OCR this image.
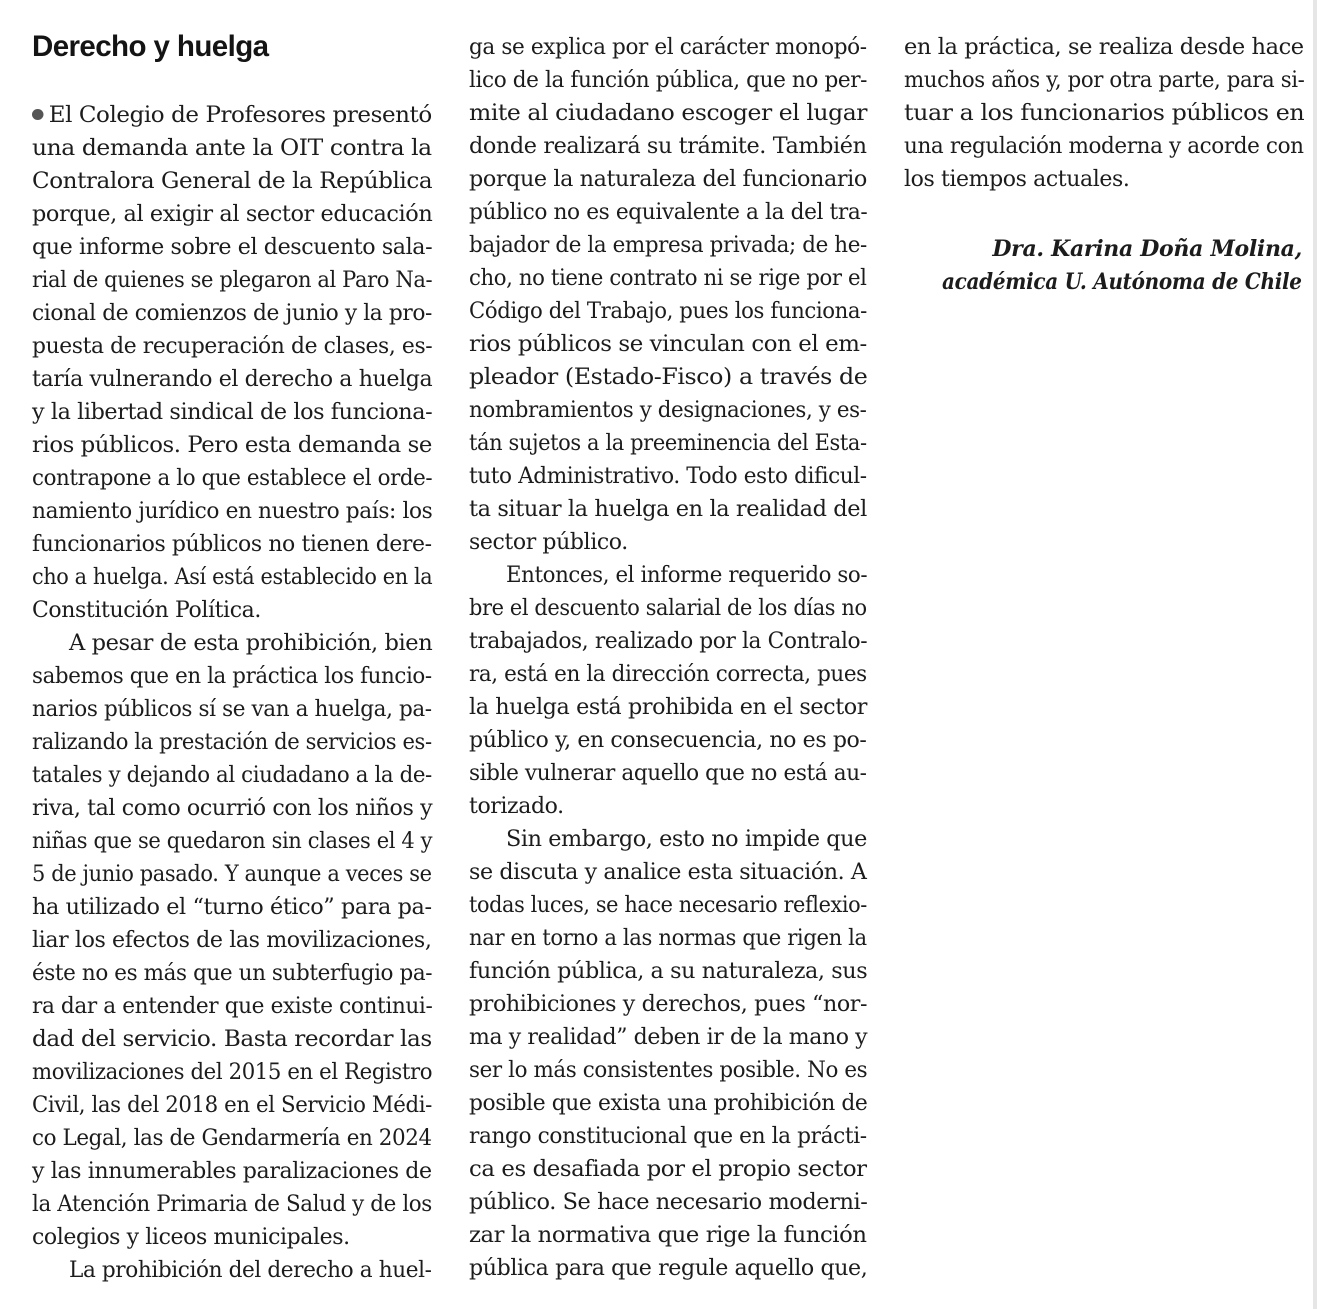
Derecho y huelga
El Colegio de Profesores presentó
una demanda ante la OIT contra la
Contralora General de la República
porque, al exigir al sector educación
que informe sobre el descuento sala-
rial de quienes se plegaron al Paro Na-
cional de comienzos de junio y la pro-
puesta de recuperación de clases, es-
taría vulnerando el derecho a huelga
y la libertad sindical de los funciona-
rios públicos. Pero esta demanda se
contrapone a lo que establece el orde-
namiento jurídico en nuestro país: los
funcionarios públicos no tienen dere-
cho a huelga. Así está establecido en la
Constitución Política.
A pesar de esta prohibición, bien
sabemos que en la práctica los funcio-
narios públicos sí se van a huelga, pa-
ralizando la prestación de servicios es-
tatales y dejando al ciudadano a la de-
riva, tal como ocurrió con los niños y
niñas que se quedaron sin clases el 4 y
5 de junio pasado. Y aunque a veces se
ha utilizado el “turno ético” para pa-
liar los efectos de las movilizaciones,
éste no es más que un subterfugio pa-
ra dar a entender que existe continui-
dad del servicio. Basta recordar las
movilizaciones del 2015 en el Registro
Civil, las del 2018 en el Servicio Médi-
co Legal, las de Gendarmería en 2024
y las innumerables paralizaciones de
la Atención Primaria de Salud y de los
colegios y liceos municipales.
La prohibición del derecho a huel-
ga se explica por el carácter monopó-
lico de la función pública, que no per-
mite al ciudadano escoger el lugar
donde realizará su trámite. También
porque la naturaleza del funcionario
público no es equivalente a la del tra-
bajador de la empresa privada; de he-
cho, no tiene contrato ni se rige por el
Código del Trabajo, pues los funciona-
rios públicos se vinculan con el em-
pleador (Estado-Fisco) a través de
nombramientos y designaciones, y es-
tán sujetos a la preeminencia del Esta-
tuto Administrativo. Todo esto dificul-
ta situar la huelga en la realidad del
sector público.
Entonces, el informe requerido so-
bre el descuento salarial de los días no
trabajados, realizado por la Contralo-
ra, está en la dirección correcta, pues
la huelga está prohibida en el sector
público y, en consecuencia, no es po-
sible vulnerar aquello que no está au-
torizado.
Sin embargo, esto no impide que
se discuta y analice esta situación. A
todas luces, se hace necesario reflexio-
nar en torno a las normas que rigen la
función pública, a su naturaleza, sus
prohibiciones y derechos, pues “nor-
ma y realidad” deben ir de la mano y
ser lo más consistentes posible. No es
posible que exista una prohibición de
rango constitucional que en la prácti-
ca es desafiada por el propio sector
público. Se hace necesario moderni-
zar la normativa que rige la función
pública para que regule aquello que,
en la práctica, se realiza desde hace
muchos años y, por otra parte, para si-
tuar a los funcionarios públicos en
una regulación moderna y acorde con
los tiempos actuales.
Dra. Karina Doña Molina,
académica U. Autónoma de Chile
